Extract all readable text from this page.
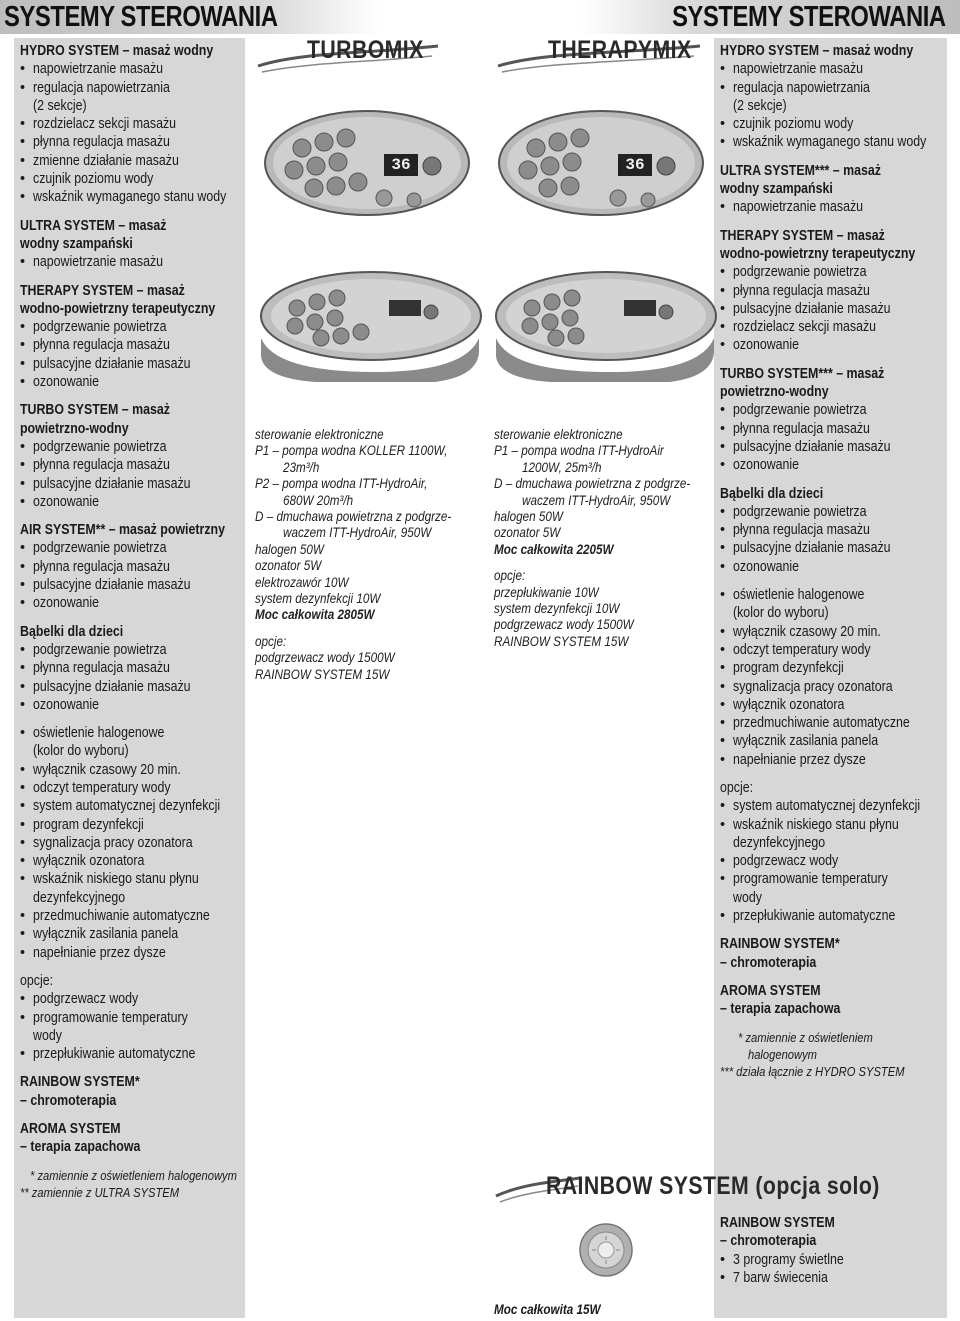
SYSTEMY STEROWANIA	SYSTEMY STEROWANIA
HYDRO SYSTEM – masaż wodny
• napowietrzanie masażu
• regulacja napowietrzania
(2 sekcje)
• rozdzielacz sekcji masażu
• płynna regulacja masażu
• zmienne działanie masażu
• czujnik poziomu wody
• wskaźnik wymaganego stanu wody
ULTRA SYSTEM – masaż
wodny szampański
• napowietrzanie masażu
THERAPY SYSTEM – masaż
wodno-powietrzny terapeutyczny
• podgrzewanie powietrza
• płynna regulacja masażu
• pulsacyjne działanie masażu
• ozonowanie
TURBO SYSTEM – masaż
powietrzno-wodny
• podgrzewanie powietrza
• płynna regulacja masażu
• pulsacyjne działanie masażu
• ozonowanie
AIR SYSTEM** – masaż powietrzny
• podgrzewanie powietrza
• płynna regulacja masażu
• pulsacyjne działanie masażu
• ozonowanie
Bąbelki dla dzieci
• podgrzewanie powietrza
• płynna regulacja masażu
• pulsacyjne działanie masażu
• ozonowanie
• oświetlenie halogenowe
(kolor do wyboru)
• wyłącznik czasowy 20 min.
• odczyt temperatury wody
• system automatycznej dezynfekcji
• program dezynfekcji
• sygnalizacja pracy ozonatora
• wyłącznik ozonatora
• wskaźnik niskiego stanu płynu
dezynfekcyjnego
• przedmuchiwanie automatyczne
• wyłącznik zasilania panela
• napełnianie przez dysze
opcje:
• podgrzewacz wody
• programowanie temperatury
wody
• przepłukiwanie automatyczne
RAINBOW SYSTEM*
– chromoterapia
AROMA SYSTEM
– terapia zapachowa
* zamiennie z oświetleniem halogenowym
** zamiennie z ULTRA SYSTEM
HYDRO SYSTEM – masaż wodny
• napowietrzanie masażu
• regulacja napowietrzania
(2 sekcje)
• czujnik poziomu wody
• wskaźnik wymaganego stanu wody
ULTRA SYSTEM*** – masaż
wodny szampański
• napowietrzanie masażu
THERAPY SYSTEM – masaż
wodno-powietrzny terapeutyczny
• podgrzewanie powietrza
• płynna regulacja masażu
• pulsacyjne działanie masażu
• rozdzielacz sekcji masażu
• ozonowanie
TURBO SYSTEM*** – masaż
powietrzno-wodny
• podgrzewanie powietrza
• płynna regulacja masażu
• pulsacyjne działanie masażu
• ozonowanie
Bąbelki dla dzieci
• podgrzewanie powietrza
• płynna regulacja masażu
• pulsacyjne działanie masażu
• ozonowanie
• oświetlenie halogenowe
(kolor do wyboru)
• wyłącznik czasowy 20 min.
• odczyt temperatury wody
• program dezynfekcji
• sygnalizacja pracy ozonatora
• wyłącznik ozonatora
• przedmuchiwanie automatyczne
• wyłącznik zasilania panela
• napełnianie przez dysze
opcje:
• system automatycznej dezynfekcji
• wskaźnik niskiego stanu płynu
dezynfekcyjnego
• podgrzewacz wody
• programowanie temperatury
wody
• przepłukiwanie automatyczne
RAINBOW SYSTEM*
– chromoterapia
AROMA SYSTEM
– terapia zapachowa
* zamiennie z oświetleniem
halogenowym
*** działa łącznie z HYDRO SYSTEM
RAINBOW SYSTEM
– chromoterapia
• 3 programy świetlne
• 7 barw świecenia
TURBOMIX	THERAPYMIX
36	36
sterowanie elektroniczne
P1 – pompa wodna KOLLER 1100W,
23m³/h
P2 – pompa wodna ITT-HydroAir,
680W 20m³/h
D – dmuchawa powietrzna z podgrze-
waczem ITT-HydroAir, 950W
halogen 50W
ozonator 5W
elektrozawór 10W
system dezynfekcji 10W
Moc całkowita 2805W
opcje:
podgrzewacz wody 1500W
RAINBOW SYSTEM 15W
sterowanie elektroniczne
P1 – pompa wodna ITT-HydroAir
1200W, 25m³/h
D – dmuchawa powietrzna z podgrze-
waczem ITT-HydroAir, 950W
halogen 50W
ozonator 5W
Moc całkowita 2205W
opcje:
przepłukiwanie 10W
system dezynfekcji 10W
podgrzewacz wody 1500W
RAINBOW SYSTEM 15W
RAINBOW SYSTEM (opcja solo)
Moc całkowita 15W
